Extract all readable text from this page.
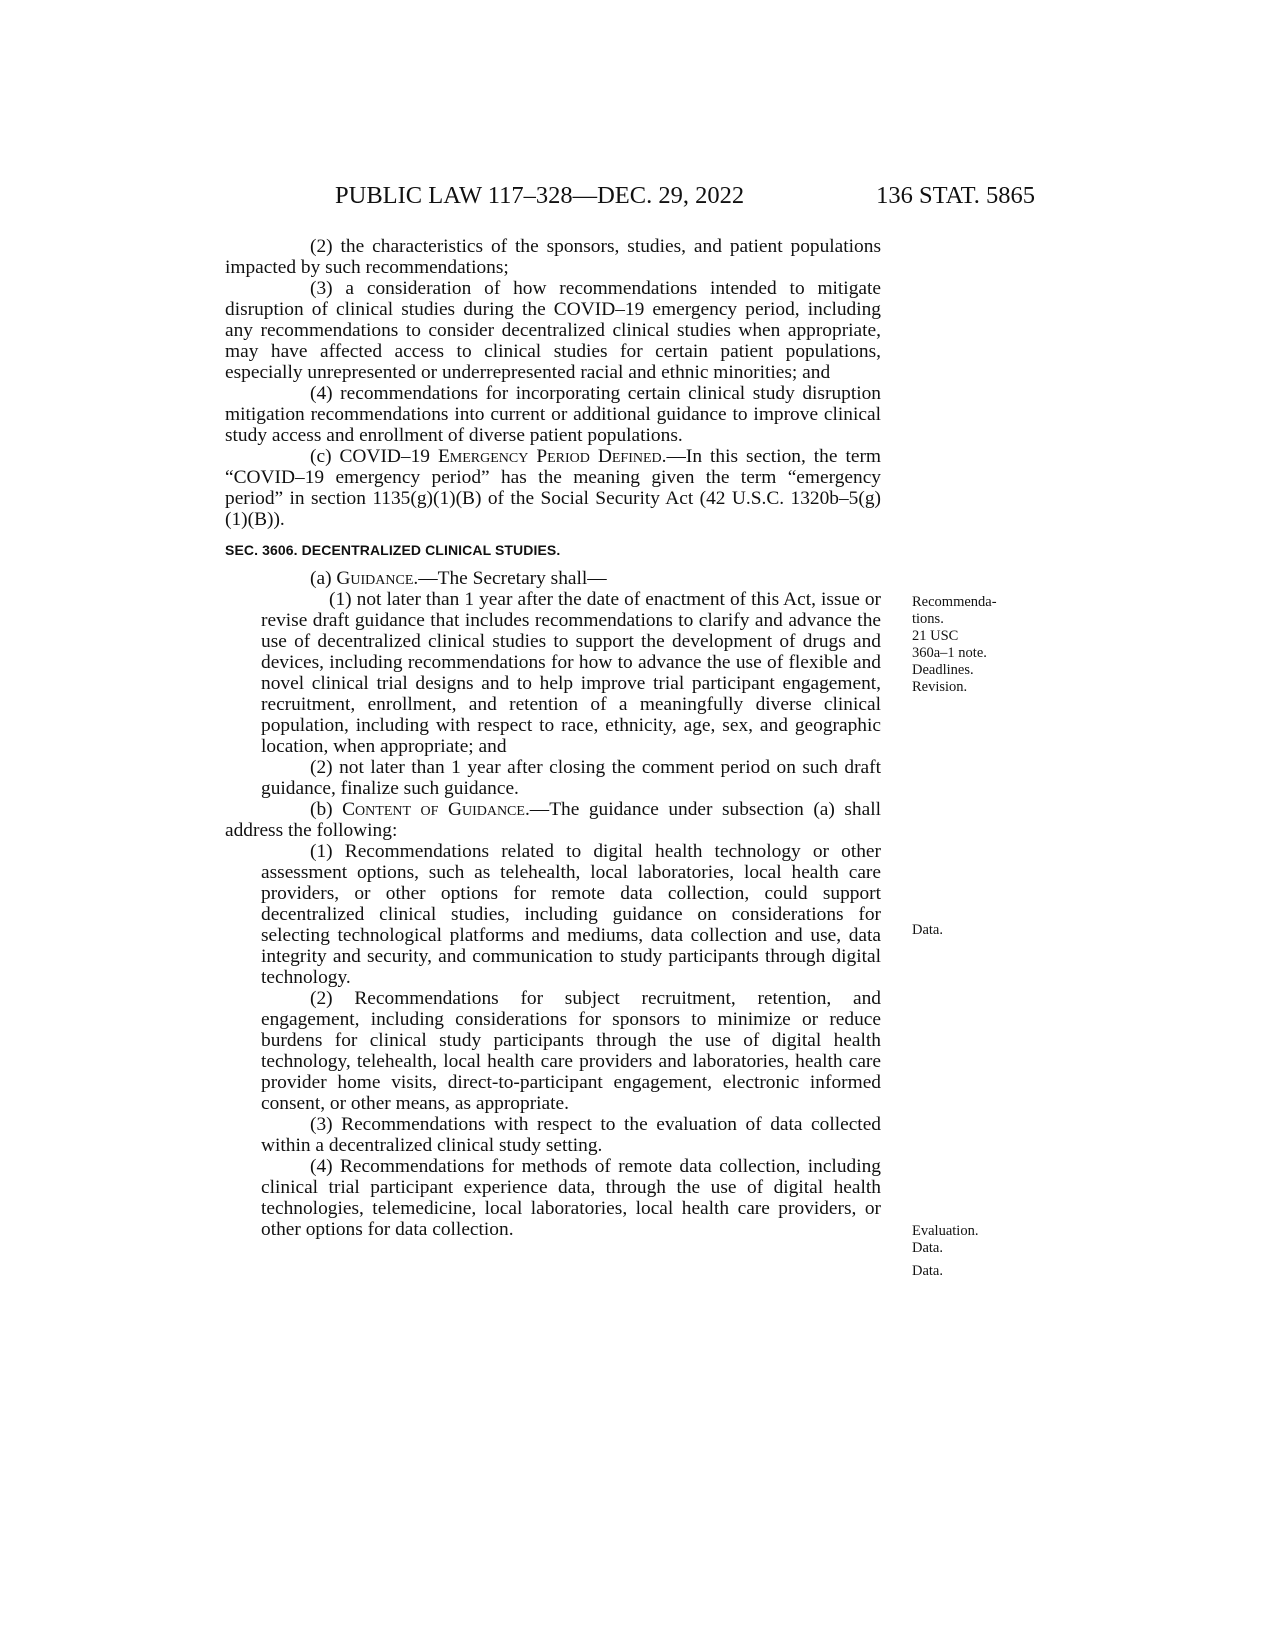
PUBLIC LAW 117–328—DEC. 29, 2022	136 STAT. 5865

(2) the characteristics of the sponsors, studies, and patient populations impacted by such recommendations;

(3) a consideration of how recommendations intended to mitigate disruption of clinical studies during the COVID–19 emergency period, including any recommendations to consider decentralized clinical studies when appropriate, may have affected access to clinical studies for certain patient populations, especially unrepresented or underrepresented racial and ethnic minorities; and

(4) recommendations for incorporating certain clinical study disruption mitigation recommendations into current or additional guidance to improve clinical study access and enrollment of diverse patient populations.

(c) COVID–19 Emergency Period Defined.—In this section, the term “COVID–19 emergency period” has the meaning given the term “emergency period” in section 1135(g)(1)(B) of the Social Security Act (42 U.S.C. 1320b–5(g)(1)(B)).

SEC. 3606. DECENTRALIZED CLINICAL STUDIES.

(a) Guidance.—The Secretary shall—

(1) not later than 1 year after the date of enactment of this Act, issue or revise draft guidance that includes recommendations to clarify and advance the use of decentralized clinical studies to support the development of drugs and devices, including recommendations for how to advance the use of flexible and novel clinical trial designs and to help improve trial participant engagement, recruitment, enrollment, and retention of a meaningfully diverse clinical population, including with respect to race, ethnicity, age, sex, and geographic location, when appropriate; and

(2) not later than 1 year after closing the comment period on such draft guidance, finalize such guidance.

(b) Content of Guidance.—The guidance under subsection (a) shall address the following:

(1) Recommendations related to digital health technology or other assessment options, such as telehealth, local laboratories, local health care providers, or other options for remote data collection, could support decentralized clinical studies, including guidance on considerations for selecting technological platforms and mediums, data collection and use, data integrity and security, and communication to study participants through digital technology.

(2) Recommendations for subject recruitment, retention, and engagement, including considerations for sponsors to minimize or reduce burdens for clinical study participants through the use of digital health technology, telehealth, local health care providers and laboratories, health care provider home visits, direct-to-participant engagement, electronic informed consent, or other means, as appropriate.

(3) Recommendations with respect to the evaluation of data collected within a decentralized clinical study setting.

(4) Recommendations for methods of remote data collection, including clinical trial participant experience data, through the use of digital health technologies, telemedicine, local laboratories, local health care providers, or other options for data collection.

Recommenda-
tions.
21 USC
360a–1 note.
Deadlines.
Revision.
Data.
Evaluation.
Data.
Data.
